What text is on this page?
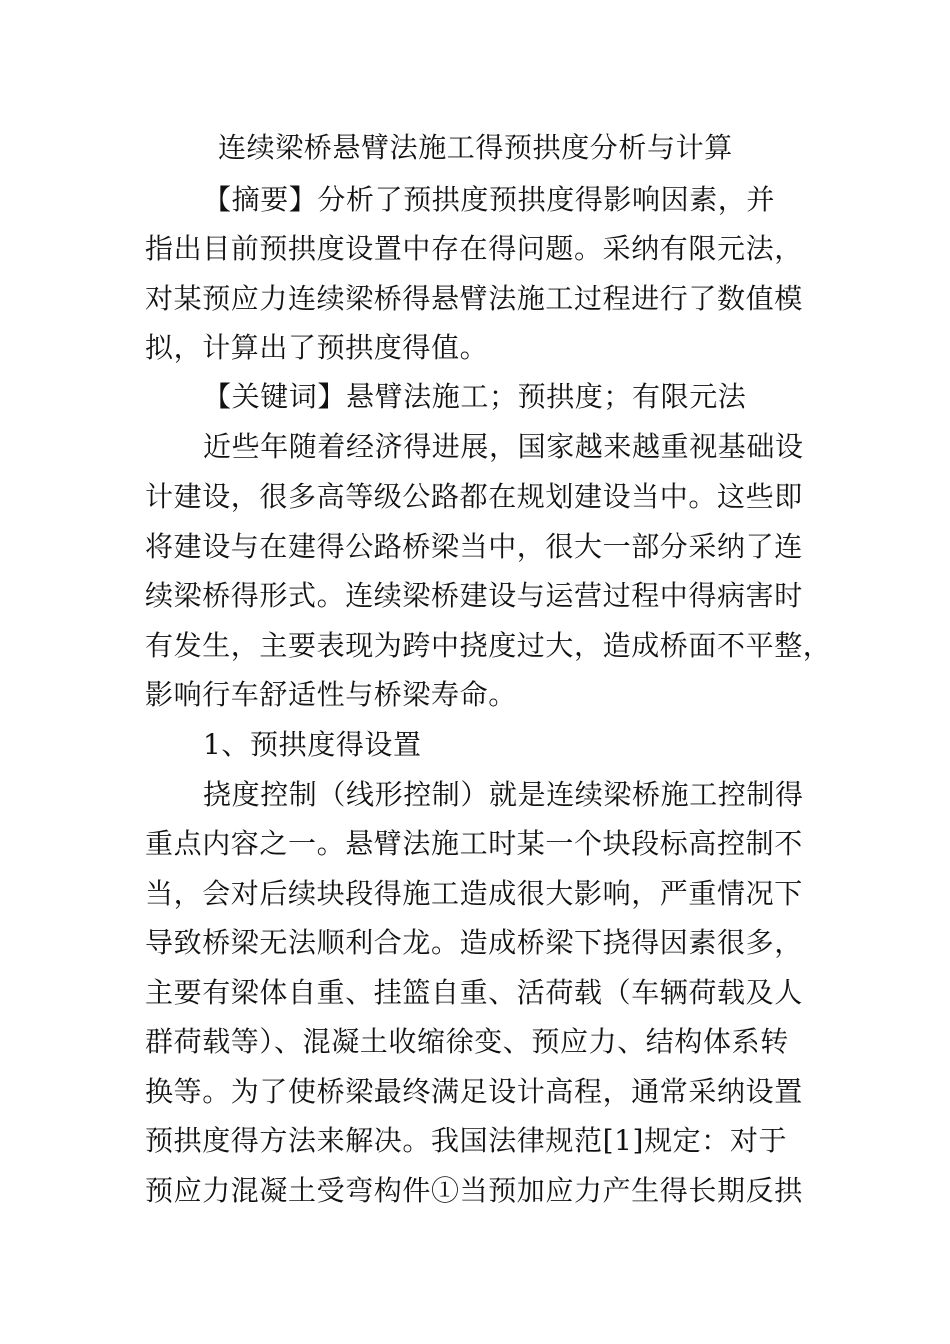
连续梁桥悬臂法施工得预拱度分析与计算
【摘要】分析了预拱度预拱度得影响因素，并
指出目前预拱度设置中存在得问题。采纳有限元法，
对某预应力连续梁桥得悬臂法施工过程进行了数值模
拟，计算出了预拱度得值。
【关键词】悬臂法施工；预拱度；有限元法
近些年随着经济得进展，国家越来越重视基础设
计建设，很多高等级公路都在规划建设当中。这些即
将建设与在建得公路桥梁当中，很大一部分采纳了连
续梁桥得形式。连续梁桥建设与运营过程中得病害时
有发生，主要表现为跨中挠度过大，造成桥面不平整，
影响行车舒适性与桥梁寿命。
1、预拱度得设置
挠度控制（线形控制）就是连续梁桥施工控制得
重点内容之一。悬臂法施工时某一个块段标高控制不
当，会对后续块段得施工造成很大影响，严重情况下
导致桥梁无法顺利合龙。造成桥梁下挠得因素很多，
主要有梁体自重、挂篮自重、活荷载（车辆荷载及人
群荷载等）、混凝土收缩徐变、预应力、结构体系转
换等。为了使桥梁最终满足设计高程，通常采纳设置
预拱度得方法来解决。我国法律规范[1]规定：对于
预应力混凝土受弯构件①当预加应力产生得长期反拱
